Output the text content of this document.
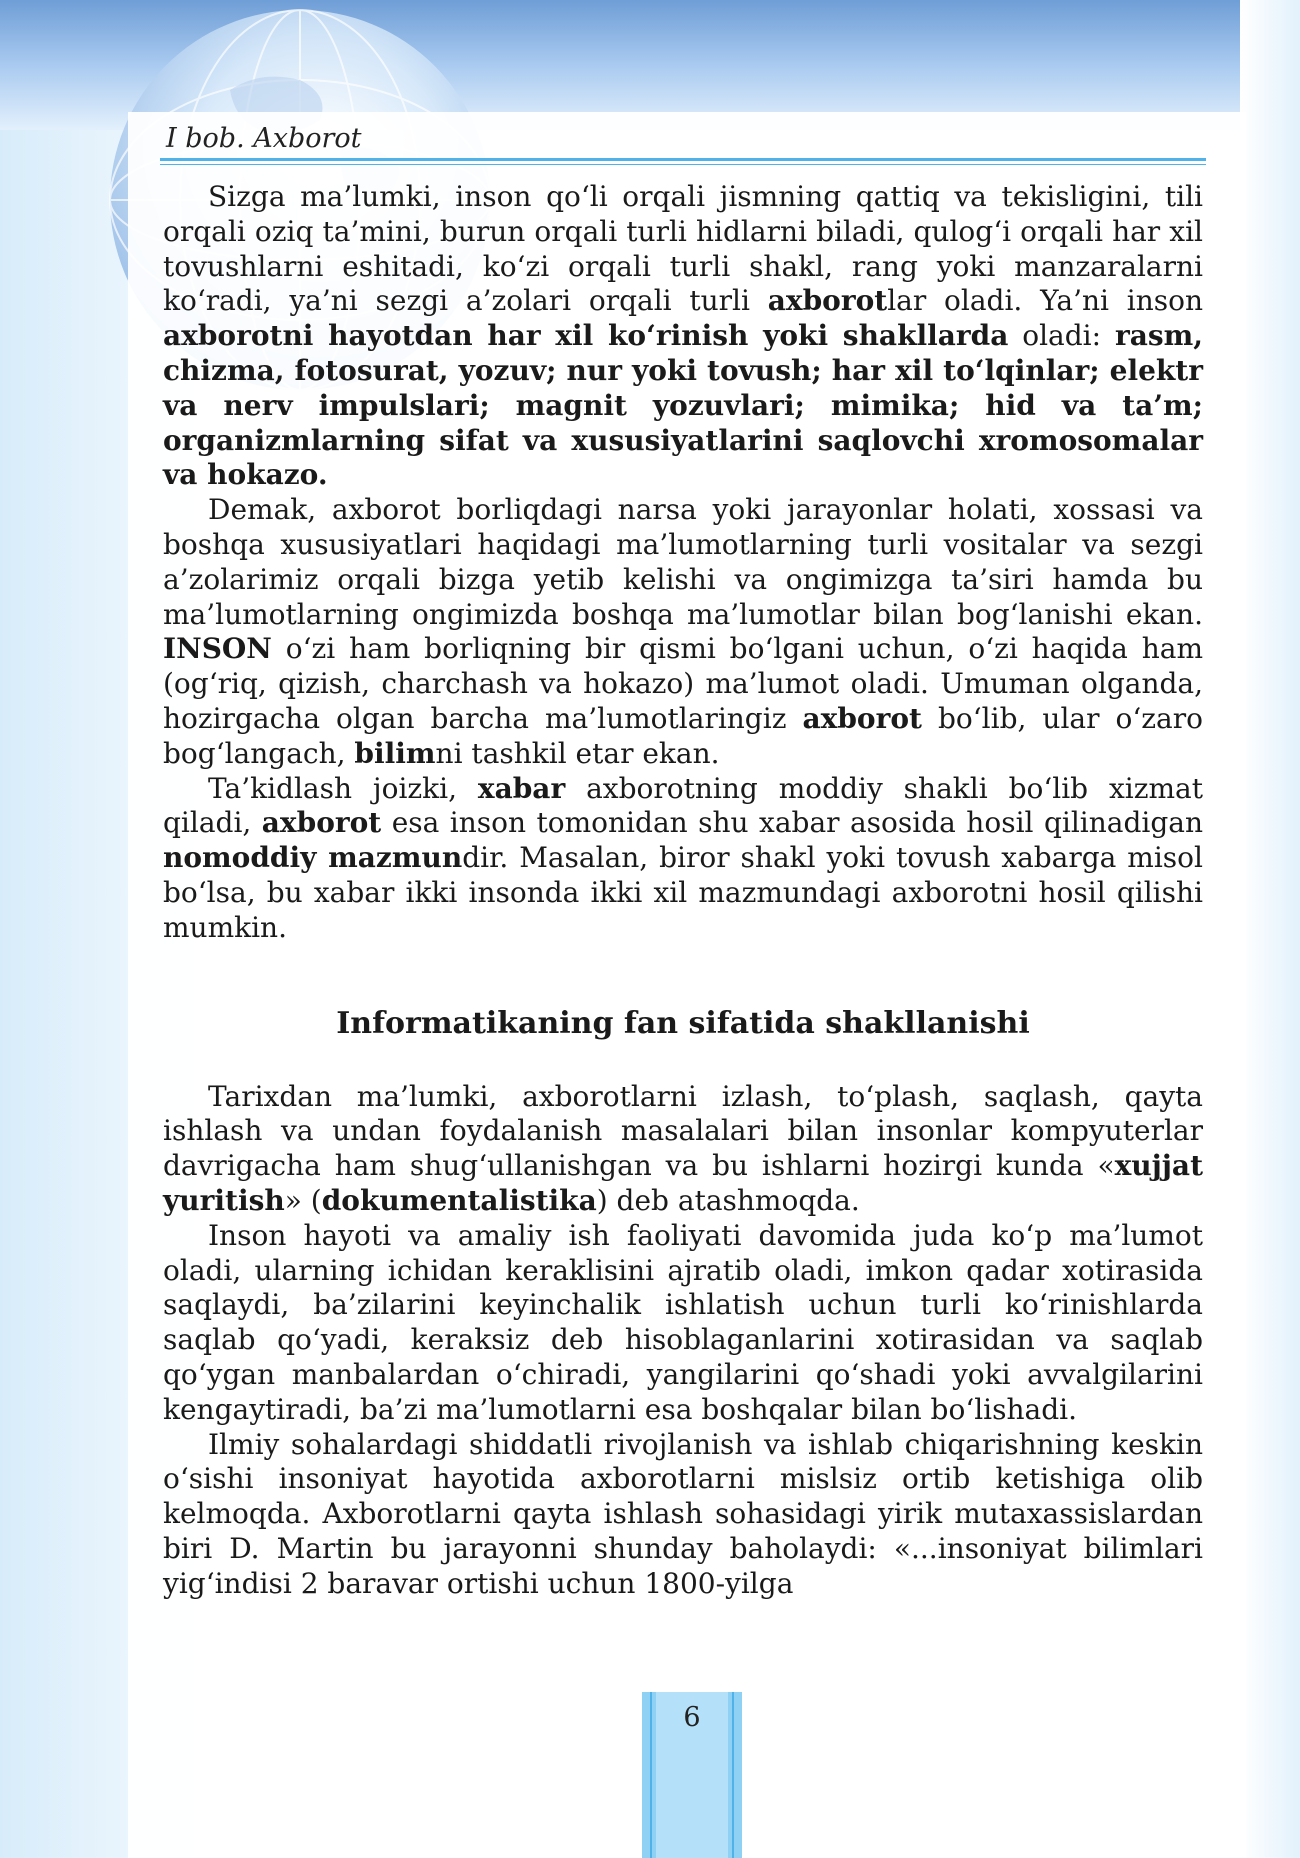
I bob. Axborot

Sizga ma’lumki, inson qo‘li orqali jismning qattiq va tekisligini, tili orqali oziq ta’mini, burun orqali turli hidlarni biladi, qulog‘i orqali har xil tovushlarni eshitadi, ko‘zi orqali turli shakl, rang yoki manzaralarni ko‘radi, ya’ni sezgi a’zolari orqali turli axborotlar oladi. Ya’ni inson axborotni hayotdan har xil ko‘rinish yoki shakllarda oladi: rasm, chizma, fotosurat, yozuv; nur yoki tovush; har xil to‘lqinlar; elektr va nerv impulslari; magnit yozuvlari; mimika; hid va ta’m; organizmlarning sifat va xususiyatlarini saqlovchi xromosomalar va hokazo.

Demak, axborot borliqdagi narsa yoki jarayonlar holati, xossasi va boshqa xususiyatlari haqidagi ma’lumotlarning turli vositalar va sezgi a’zolarimiz orqali bizga yetib kelishi va ongimizga ta’siri hamda bu ma’lumotlarning ongimizda boshqa ma’lumotlar bilan bog‘lanishi ekan. INSON o‘zi ham borliqning bir qismi bo‘lgani uchun, o‘zi haqida ham (og‘riq, qizish, charchash va hokazo) ma’lumot oladi. Umuman olganda, hozirgacha olgan barcha ma’lumotlaringiz axborot bo‘lib, ular o‘zaro bog‘langach, bilimni tashkil etar ekan.

Ta’kidlash joizki, xabar axborotning moddiy shakli bo‘lib xizmat qiladi, axborot esa inson tomonidan shu xabar asosida hosil qilinadigan nomoddiy mazmundir. Masalan, biror shakl yoki tovush xabarga misol bo‘lsa, bu xabar ikki insonda ikki xil mazmundagi axborotni hosil qilishi mumkin.

Informatikaning fan sifatida shakllanishi

Tarixdan ma’lumki, axborotlarni izlash, to‘plash, saqlash, qayta ishlash va undan foydalanish masalalari bilan insonlar kompyuterlar davrigacha ham shug‘ullanishgan va bu ishlarni hozirgi kunda «xujjat yuritish» (dokumentalistika) deb atashmoqda.

Inson hayoti va amaliy ish faoliyati davomida juda ko‘p ma’lumot oladi, ularning ichidan keraklisini ajratib oladi, imkon qadar xotirasida saqlaydi, ba’zilarini keyinchalik ishlatish uchun turli ko‘rinishlarda saqlab qo‘yadi, keraksiz deb hisoblaganlarini xotirasidan va saqlab qo‘ygan manbalardan o‘chiradi, yangilarini qo‘shadi yoki avvalgilarini kengaytiradi, ba’zi ma’lumotlarni esa boshqalar bilan bo‘lishadi.

Ilmiy sohalardagi shiddatli rivojlanish va ishlab chiqarishning keskin o‘sishi insoniyat hayotida axborotlarni mislsiz ortib ketishiga olib kelmoqda. Axborotlarni qayta ishlash sohasidagi yirik mutaxassislardan biri D. Martin bu jarayonni shunday baholaydi: «...insoniyat bilimlari yig‘indisi 2 baravar ortishi uchun 1800-yilga

6
